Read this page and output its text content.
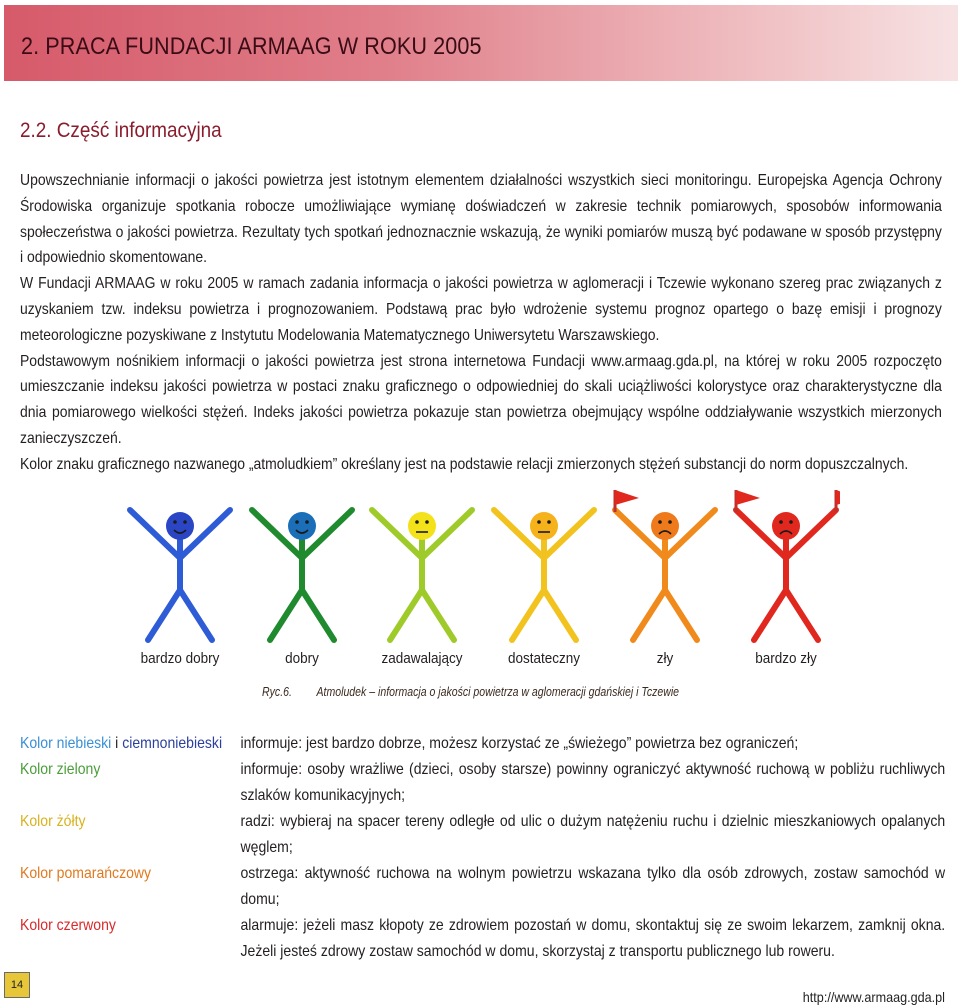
2. PRACA FUNDACJI ARMAAG W ROKU 2005
2.2. Część informacyjna

Upowszechnianie informacji o jakości powietrza jest istotnym elementem działalności wszystkich sieci monitoringu. Europejska Agencja Ochrony Środowiska organizuje spotkania robocze umożliwiające wymianę doświadczeń w zakresie technik pomiarowych, sposobów informowania społeczeństwa o jakości powietrza. Rezultaty tych spotkań jednoznacznie wskazują, że wyniki pomiarów muszą być podawane w sposób przystępny i odpowiednio skomentowane.

W Fundacji ARMAAG w roku 2005 w ramach zadania informacja o jakości powietrza w aglomeracji i Tczewie wykonano szereg prac związanych z uzyskaniem tzw. indeksu powietrza i prognozowaniem. Podstawą prac było wdrożenie systemu prognoz opartego o bazę emisji i prognozy meteorologiczne pozyskiwane z Instytutu Modelowania Matematycznego Uniwersytetu Warszawskiego.

Podstawowym nośnikiem informacji o jakości powietrza jest strona internetowa Fundacji www.armaag.gda.pl, na której w roku 2005 rozpoczęto umieszczanie indeksu jakości powietrza w postaci znaku graficznego o odpowiedniej do skali uciążliwości kolorystyce oraz charakterystyczne dla dnia pomiarowego wielkości stężeń. Indeks jakości powietrza pokazuje stan powietrza obejmujący wspólne oddziaływanie wszystkich mierzonych zanieczyszczeń.

Kolor znaku graficznego nazwanego „atmoludkiem” określany jest na podstawie relacji zmierzonych stężeń substancji do norm dopuszczalnych.

bardzo dobry	dobry	zadawalający	dostateczny	zły	bardzo zły
Ryc.6. Atmoludek – informacja o jakości powietrza w aglomeracji gdańskiej i Tczewie
Kolor niebieski i ciemnoniebieski	informuje: jest bardzo dobrze, możesz korzystać ze „świeżego” powietrza bez ograniczeń;
Kolor zielony	informuje: osoby wrażliwe (dzieci, osoby starsze) powinny ograniczyć aktywność ruchową w pobliżu ruchliwych szlaków komunikacyjnych;
Kolor żółty	radzi: wybieraj na spacer tereny odległe od ulic o dużym natężeniu ruchu i dzielnic mieszkaniowych opalanych węglem;
Kolor pomarańczowy	ostrzega: aktywność ruchowa na wolnym powietrzu wskazana tylko dla osób zdrowych, zostaw samochód w domu;
Kolor czerwony	alarmuje: jeżeli masz kłopoty ze zdrowiem pozostań w domu, skontaktuj się ze swoim lekarzem, zamknij okna. Jeżeli jesteś zdrowy zostaw samochód w domu, skorzystaj z transportu publicznego lub roweru.
14
http://www.armaag.gda.pl
